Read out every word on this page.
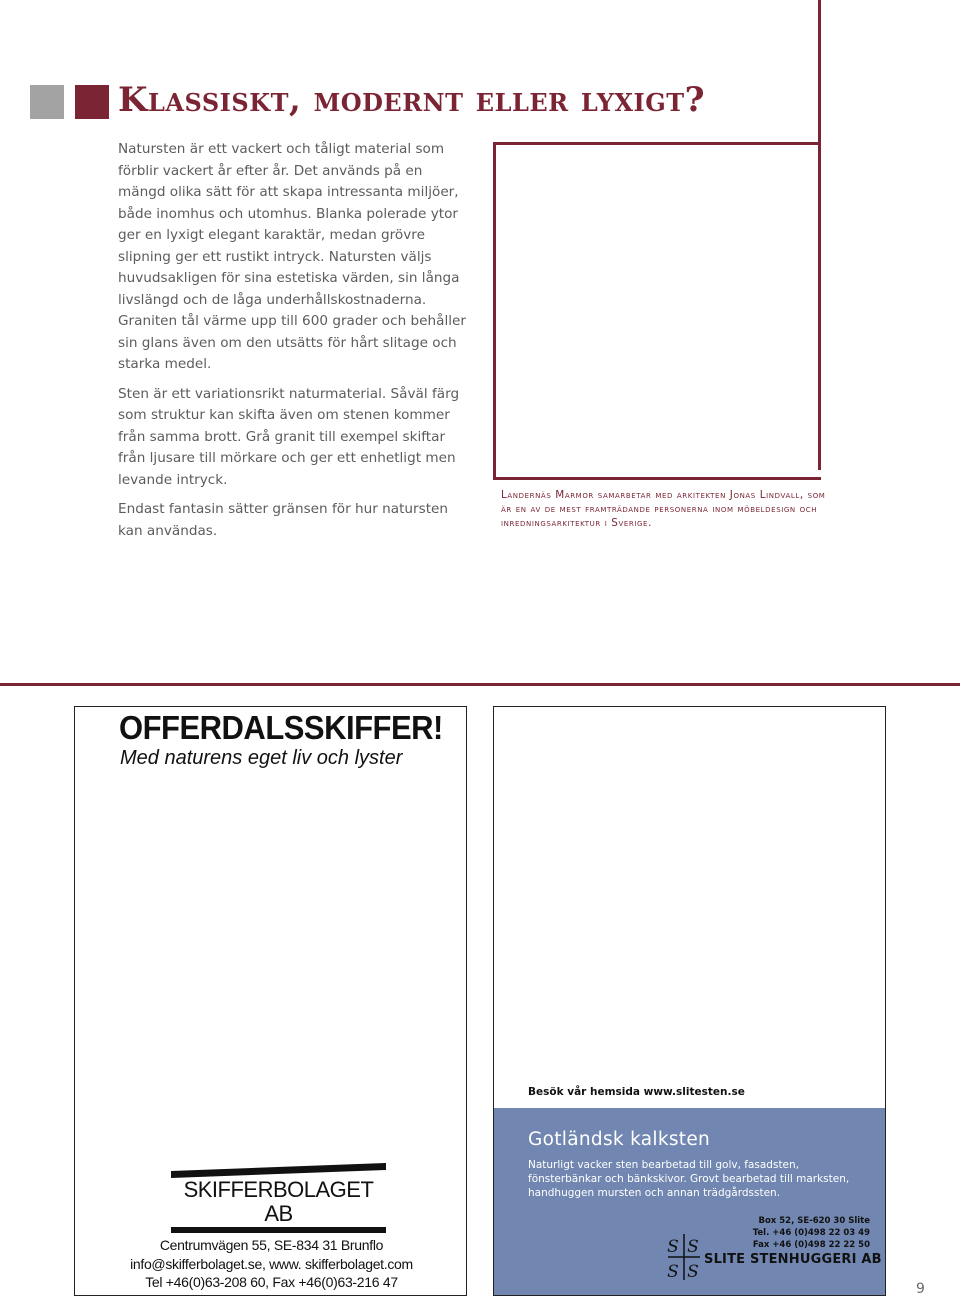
Klassiskt, modernt eller lyxigt?

Natursten är ett vackert och tåligt material som förblir vackert år efter år. Det används på en mängd olika sätt för att skapa intressanta miljöer, både inomhus och utomhus. Blanka polerade ytor ger en lyxigt elegant karaktär, medan grövre slipning ger ett rustikt intryck. Natursten väljs huvudsakligen för sina estetiska värden, sin långa livslängd och de låga underhållskostnaderna. Graniten tål värme upp till 600 grader och behåller sin glans även om den utsätts för hårt slitage och starka medel.

Sten är ett variationsrikt naturmaterial. Såväl färg som struktur kan skifta även om stenen kommer från samma brott. Grå granit till exempel skiftar från ljusare till mörkare och ger ett enhetligt men levande intryck.

Endast fantasin sätter gränsen för hur natursten kan användas.

Landernäs Marmor samarbetar med arkitekten Jonas Lindvall, som är en av de mest framträdande personerna inom möbeldesign och inredningsarkitektur i Sverige.
OFFERDALSSKIFFER!
Med naturens eget liv och lyster
SKIFFERBOLAGET AB
Centrumvägen 55, SE-834 31 Brunflo
info@skifferbolaget.se, www. skifferbolaget.com
Tel +46(0)63-208 60, Fax +46(0)63-216 47
Besök vår hemsida www.slitesten.se
Gotländsk kalksten
Naturligt vacker sten bearbetad till golv, fasadsten, fönsterbänkar och bänkskivor. Grovt bearbetad till marksten, handhuggen mursten och annan trädgårdssten.
Box 52, SE-620 30 Slite
Tel. +46 (0)498 22 03 49
Fax +46 (0)498 22 22 50
S
S
S
S
SLITE STENHUGGERI AB
9
